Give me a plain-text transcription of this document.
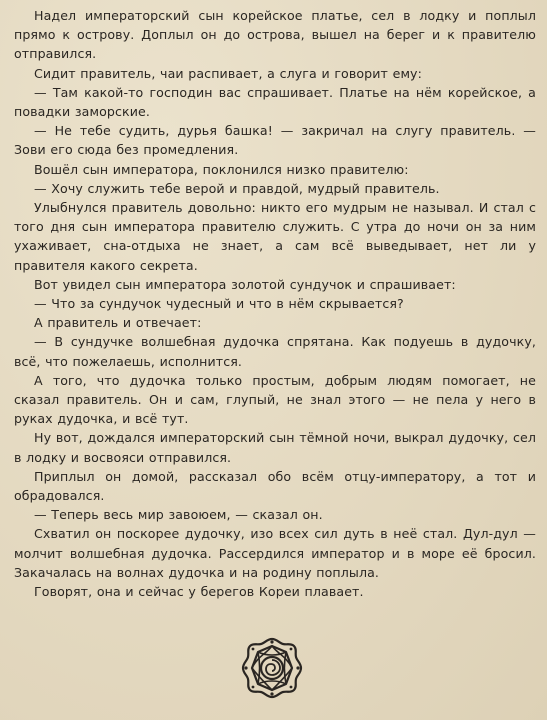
Надел императорский сын корейское платье, сел в лодку и поплыл прямо к острову. Доплыл он до острова, вышел на берег и к правителю отправился.

Сидит правитель, чаи распивает, а слуга и говорит ему:

— Там какой-то господин вас спрашивает. Платье на нём корейское, а повадки заморские.

— Не тебе судить, дурья башка! — закричал на слугу правитель. — Зови его сюда без промедления.

Вошёл сын императора, поклонился низко правителю:

— Хочу служить тебе верой и правдой, мудрый правитель.

Улыбнулся правитель довольно: никто его мудрым не называл. И стал с того дня сын императора правителю служить. С утра до ночи он за ним ухаживает, сна-отдыха не знает, а сам всё выведывает, нет ли у правителя какого секрета.

Вот увидел сын императора золотой сундучок и спрашивает:

— Что за сундучок чудесный и что в нём скрывается?

А правитель и отвечает:

— В сундучке волшебная дудочка спрятана. Как подуешь в дудочку, всё, что пожелаешь, исполнится.

А того, что дудочка только простым, добрым людям помогает, не сказал правитель. Он и сам, глупый, не знал этого — не пела у него в руках дудочка, и всё тут.

Ну вот, дождался императорский сын тёмной ночи, выкрал дудочку, сел в лодку и восвояси отправился.

Приплыл он домой, рассказал обо всём отцу-императору, а тот и обрадовался.

— Теперь весь мир завоюем, — сказал он.

Схватил он поскорее дудочку, изо всех сил дуть в неё стал. Дул-дул — молчит волшебная дудочка. Рассердился император и в море её бросил. Закачалась на волнах дудочка и на родину поплыла.

Говорят, она и сейчас у берегов Кореи плавает.
